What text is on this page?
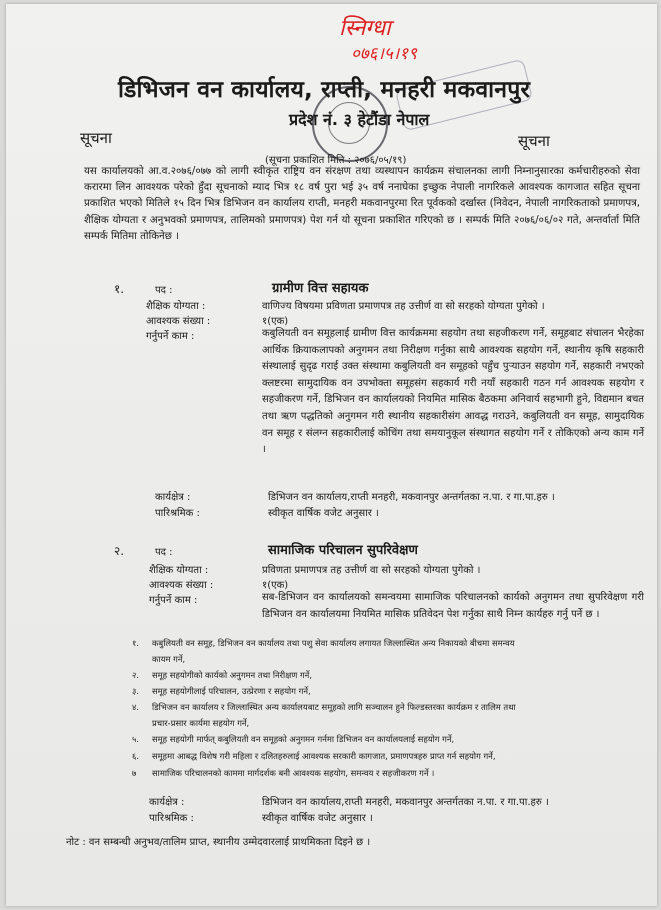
स्निग्धा
०७६।५।१९
डिभिजन वन कार्यालय, राप्ती, मनहरी मकवानपुर
प्रदेश नं. ३ हेटौंडा नेपाल
सूचना	सूचना
(सूचना प्रकाशित मिति : २०७६/०५/१९)
यस कार्यालयको आ.व.२०७६/०७७ को लागी स्वीकृत राष्ट्रिय वन संरक्षण तथा व्यस्थापन कार्यक्रम संचालनका लागी निम्नानुसारका कर्मचारीहरुको सेवा करारमा लिन आवश्यक परेको हुँदा सूचनाको म्याद भित्र १८ वर्ष पुरा भई ३५ वर्ष ननाघेका इच्छुक नेपाली नागरिकले आवश्यक कागजात सहित सूचना प्रकाशित भएको मितिले १५ दिन भित्र डिभिजन वन कार्यालय राप्ती, मनहरी मकवानपुरमा रित पूर्वकको दर्खास्त (निवेदन, नेपाली नागरिकताको प्रमाणपत्र, शैक्षिक योग्यता र अनुभवको प्रमाणपत्र, तालिमको प्रमाणपत्र) पेश गर्न यो सूचना प्रकाशित गरिएको छ । सम्पर्क मिति २०७६/०६/०२ गते, अन्तर्वार्ता मिति सम्पर्क मितिमा तोकिनेछ ।
१.	पद :	ग्रामीण वित्त सहायक
शैक्षिक योग्यता :	वाणिज्य विषयमा प्रविणता प्रमाणपत्र तह उत्तीर्ण वा सो सरहको योग्यता पुगेको ।
आवश्यक संख्या :	१(एक)
गर्नुपर्ने काम :	कबुलियती वन समूहलाई ग्रामीण वित्त कार्यक्रममा सहयोग तथा सहजीकरण गर्ने, समूहबाट संचालन भैरहेका आर्थिक क्रियाकलापको अनुगमन तथा निरीक्षण गर्नुका साथै आवश्यक सहयोग गर्ने, स्थानीय कृषि सहकारी संस्थालाई सुदृढ गराई उक्त संस्थामा कबुलियती वन समूहको पहुँच पुऱ्याउन सहयोग गर्ने, सहकारी नभएको क्लष्टरमा सामुदायिक वन उपभोक्ता समूहसंग सहकार्य गरी नयाँ सहकारी गठन गर्न आवश्यक सहयोग र सहजीकरण गर्ने, डिभिजन वन कार्यालयको नियमित मासिक बैठकमा अनिवार्य सहभागी हुने, विद्यमान बचत तथा ऋण पद्धतिको अनुगमन गरी स्थानीय सहकारीसंग आवद्ध गराउने, कबुलियती वन समूह, सामुदायिक वन समूह र संलग्न सहकारीलाई कोचिंग तथा समयानुकूल संस्थागत सहयोग गर्ने र तोकिएको अन्य काम गर्ने ।
कार्यक्षेत्र :	डिभिजन वन कार्यालय,राप्ती मनहरी, मकवानपुर अन्तर्गतका न.पा. र गा.पा.हरु ।
पारिश्रमिक :	स्वीकृत वार्षिक वजेट अनुसार ।
२.	पद :	सामाजिक परिचालन सुपरिवेक्षण
शैक्षिक योग्यता :	प्रविणता प्रमाणपत्र तह उत्तीर्ण वा सो सरहको योग्यता पुगेको ।
आवश्यक संख्या :	१(एक)
गर्नुपर्ने काम :	सब-डिभिजन वन कार्यालयको समन्वयमा सामाजिक परिचालनको कार्यको अनुगमन तथा सुपरिवेक्षण गरी डिभिजन वन कार्यालयमा नियमित मासिक प्रतिवेदन पेश गर्नुका साथै निम्न कार्यहरु गर्नु पर्ने छ ।
१. कबुलियती वन समूह, डिभिजन वन कार्यालय तथा पशु सेवा कार्यालय लगायत जिल्लास्थित अन्य निकायको बीचमा समन्वय
कायम गर्ने,
२. समूह सहयोगीको कार्यको अनुगमन तथा निरीक्षण गर्ने,
३. समूह सहयोगीलाई परिचालन, उत्प्रेरणा र सहयोग गर्ने,
४. डिभिजन वन कार्यालय र जिल्लास्थित अन्य कार्यालयबाट समूहको लागि सञ्चालन हुने फिल्डस्तरका कार्यक्रम र तालिम तथा
प्रचार-प्रसार कार्यमा सहयोग गर्ने,
५. समूह सहयोगी मार्फत् कबुलियती वन समूहको अनुगमन गर्नमा डिभिजन वन कार्यालयलाई सहयोग गर्ने,
६. समूहमा आबद्ध विशेष गरी महिला र दलितहरुलाई आवश्यक सरकारी कागजात, प्रमाणपत्रहरु प्राप्त गर्न सहयोग गर्ने,
७ सामाजिक परिचालनको काममा मार्गदर्शक बनी आवश्यक सहयोग, समन्वय र सहजीकरण गर्ने ।
कार्यक्षेत्र :	डिभिजन वन कार्यालय,राप्ती मनहरी, मकवानपुर अन्तर्गतका न.पा. र गा.पा.हरु ।
पारिश्रमिक :	स्वीकृत वार्षिक वजेट अनुसार ।
नोट : वन सम्बन्धी अनुभव/तालिम प्राप्त, स्थानीय उम्मेदवारलाई प्राथमिकता दिइने छ ।
